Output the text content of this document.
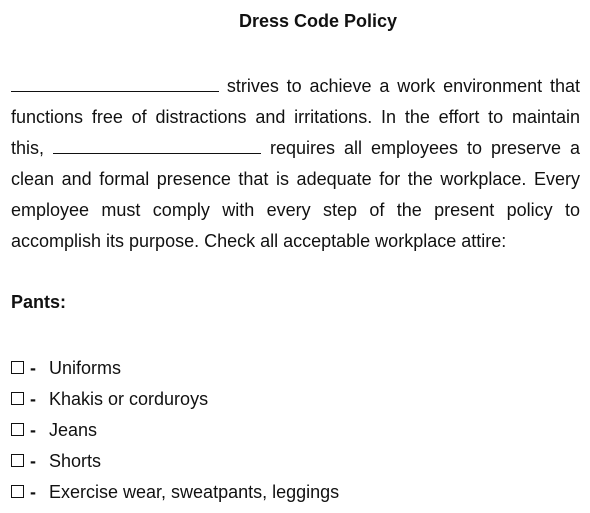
Dress Code Policy
strives to achieve a work environment that
functions free of distractions and irritations. In the effort to maintain
this,	requires all employees to preserve a
clean and formal presence that is adequate for the workplace. Every
employee must comply with every step of the present policy to
accomplish its purpose. Check all acceptable workplace attire:
Pants:
- Uniforms
- Khakis or corduroys
- Jeans
- Shorts
- Exercise wear, sweatpants, leggings
